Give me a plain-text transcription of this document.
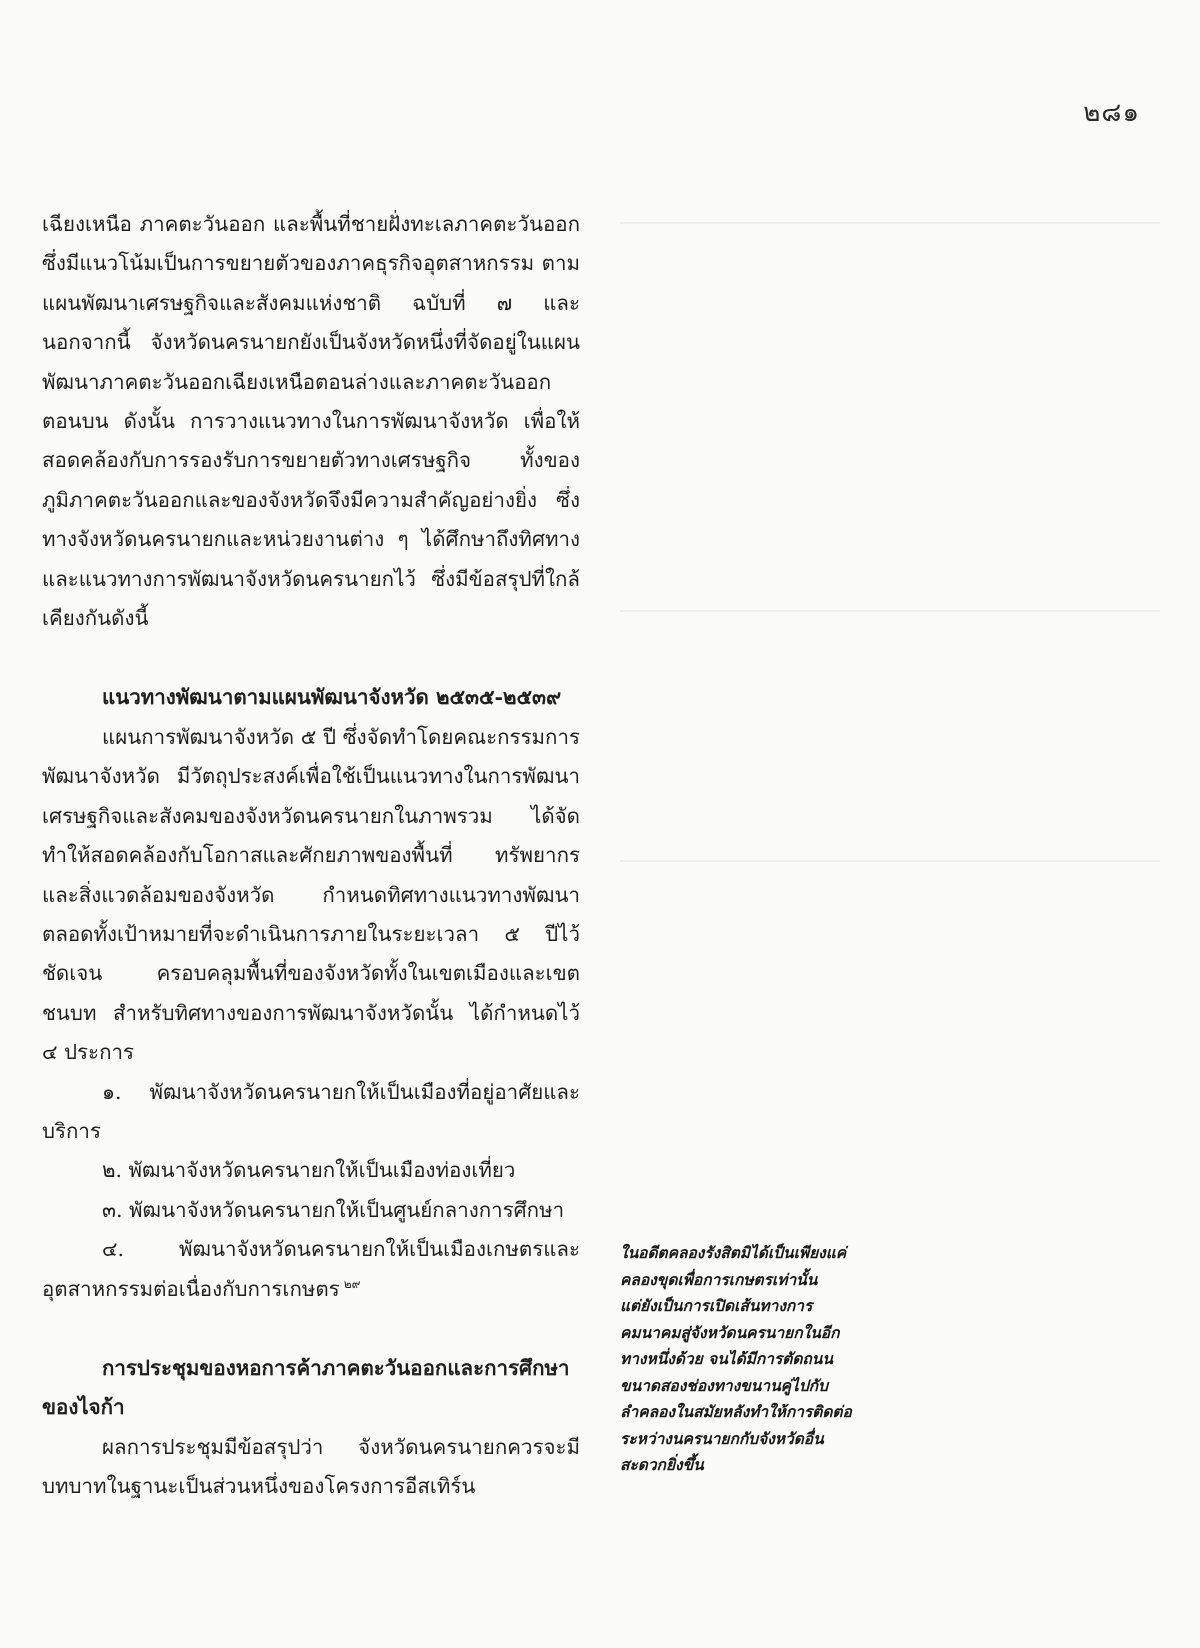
๒๘๑

เฉียงเหนือ ภาคตะวันออก และพื้นที่ชายฝั่งทะเลภาคตะวันออก ซึ่งมีแนวโน้มเป็นการขยายตัวของภาคธุรกิจอุตสาหกรรม ตามแผนพัฒนาเศรษฐกิจและสังคมแห่งชาติ ฉบับที่ ๗ และนอกจากนี้ จังหวัดนครนายกยังเป็นจังหวัดหนึ่งที่จัดอยู่ในแผนพัฒนาภาคตะวันออกเฉียงเหนือตอนล่างและภาคตะวันออกตอนบน ดังนั้น การวางแนวทางในการพัฒนาจังหวัด เพื่อให้สอดคล้องกับการรองรับการขยายตัวทางเศรษฐกิจ ทั้งของภูมิภาคตะวันออกและของจังหวัดจึงมีความสำคัญอย่างยิ่ง ซึ่งทางจังหวัดนครนายกและหน่วยงานต่าง ๆ ได้ศึกษาถึงทิศทางและแนวทางการพัฒนาจังหวัดนครนายกไว้ ซึ่งมีข้อสรุปที่ใกล้เคียงกันดังนี้

แนวทางพัฒนาตามแผนพัฒนาจังหวัด ๒๕๓๕-๒๕๓๙

แผนการพัฒนาจังหวัด ๕ ปี ซึ่งจัดทำโดยคณะกรรมการพัฒนาจังหวัด มีวัตถุประสงค์เพื่อใช้เป็นแนวทางในการพัฒนาเศรษฐกิจและสังคมของจังหวัดนครนายกในภาพรวม ได้จัดทำให้สอดคล้องกับโอกาสและศักยภาพของพื้นที่ ทรัพยากร และสิ่งแวดล้อมของจังหวัด กำหนดทิศทางแนวทางพัฒนา ตลอดทั้งเป้าหมายที่จะดำเนินการภายในระยะเวลา ๕ ปีไว้ชัดเจน ครอบคลุมพื้นที่ของจังหวัดทั้งในเขตเมืองและเขตชนบท สำหรับทิศทางของการพัฒนาจังหวัดนั้น ได้กำหนดไว้ ๔ ประการ

๑. พัฒนาจังหวัดนครนายกให้เป็นเมืองที่อยู่อาศัยและบริการ

๒. พัฒนาจังหวัดนครนายกให้เป็นเมืองท่องเที่ยว

๓. พัฒนาจังหวัดนครนายกให้เป็นศูนย์กลางการศึกษา

๔. พัฒนาจังหวัดนครนายกให้เป็นเมืองเกษตรและอุตสาหกรรมต่อเนื่องกับการเกษตร $^{๒๙}$

การประชุมของหอการค้าภาคตะวันออกและการศึกษาของไจก้า

ผลการประชุมมีข้อสรุปว่า จังหวัดนครนายกควรจะมีบทบาทในฐานะเป็นส่วนหนึ่งของโครงการอีสเทิร์น

ในอดีตคลองรังสิตมิได้เป็นเพียงแค่

คลองขุดเพื่อการเกษตรเท่านั้น

แต่ยังเป็นการเปิดเส้นทางการ

คมนาคมสู่จังหวัดนครนายกในอีก

ทางหนึ่งด้วย จนได้มีการตัดถนน

ขนาดสองช่องทางขนานคู่ไปกับ

ลำคลองในสมัยหลังทำให้การติดต่อ

ระหว่างนครนายกกับจังหวัดอื่น

สะดวกยิ่งขึ้น
